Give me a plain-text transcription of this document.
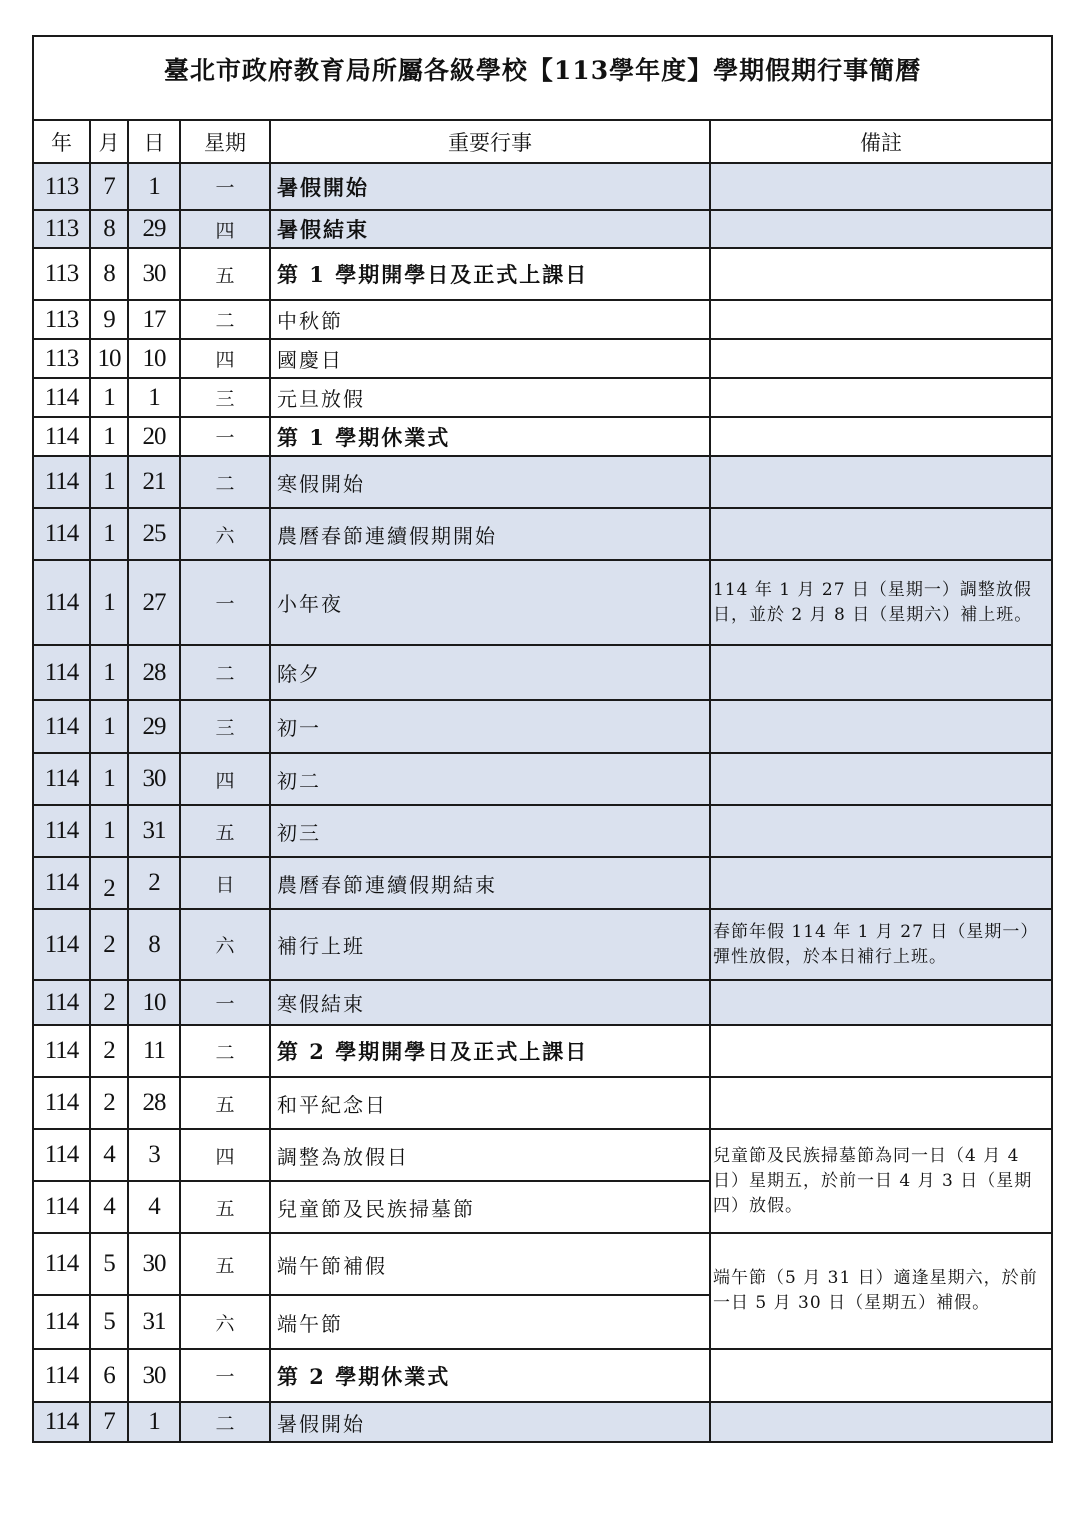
臺北市政府教育局所屬各級學校【113學年度】學期假期行事簡曆					

年	月	日	星期	重要行事	備註
113	7	1	一	暑假開始	
113	8	29	四	暑假結束	
113	8	30	五	第 1 學期開學日及正式上課日	
113	9	17	二	中秋節	
113	10	10	四	國慶日	
114	1	1	三	元旦放假	
114	1	20	一	第 1 學期休業式	
114	1	21	二	寒假開始	
114	1	25	六	農曆春節連續假期開始	
114	1	27	一	小年夜	114 年 1 月 27 日（星期一）調整放假日，並於 2 月 8 日（星期六）補上班。
114	1	28	二	除夕	
114	1	29	三	初一	
114	1	30	四	初二	
114	1	31	五	初三	
114	2	2	日	農曆春節連續假期結束	
114	2	8	六	補行上班	春節年假 114 年 1 月 27 日（星期一）彈性放假，於本日補行上班。
114	2	10	一	寒假結束	
114	2	11	二	第 2 學期開學日及正式上課日	
114	2	28	五	和平紀念日	
114	4	3	四	調整為放假日	兒童節及民族掃墓節為同一日（4 月 4 日）星期五，於前一日 4 月 3 日（星期四）放假。
114	4	4	五	兒童節及民族掃墓節	
114	5	30	五	端午節補假	端午節（5 月 31 日）適逢星期六，於前一日 5 月 30 日（星期五）補假。
114	5	31	六	端午節	
114	6	30	一	第 2 學期休業式	
114	7	1	二	暑假開始	
